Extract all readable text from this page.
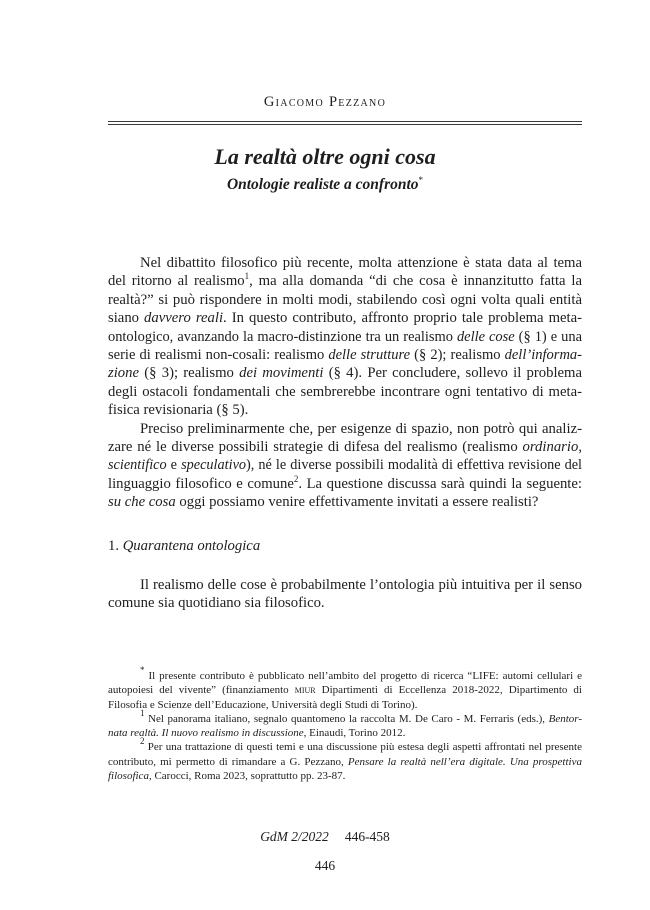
Giacomo Pezzano
La realtà oltre ogni cosa
Ontologie realiste a confronto*
Nel dibattito filosofico più recente, molta attenzione è stata data al tema
del ritorno al realismo$^1$, ma alla domanda “di che cosa è innanzitutto fatta la
realtà?” si può rispondere in molti modi, stabilendo così ogni volta quali entità
siano davvero reali. In questo contributo, affronto proprio tale problema meta-
ontologico, avanzando la macro-distinzione tra un realismo delle cose (§ 1) e una
serie di realismi non-cosali: realismo delle strutture (§ 2); realismo dell’informa-
zione (§ 3); realismo dei movimenti (§ 4). Per concludere, sollevo il problema
degli ostacoli fondamentali che sembrerebbe incontrare ogni tentativo di meta-
fisica revisionaria (§ 5).
Preciso preliminarmente che, per esigenze di spazio, non potrò qui analiz-
zare né le diverse possibili strategie di difesa del realismo (realismo ordinario,
scientifico e speculativo), né le diverse possibili modalità di effettiva revisione del
linguaggio filosofico e comune$^2$. La questione discussa sarà quindi la seguente:
su che cosa oggi possiamo venire effettivamente invitati a essere realisti?
1. Quarantena ontologica
Il realismo delle cose è probabilmente l’ontologia più intuitiva per il senso
comune sia quotidiano sia filosofico.
* Il presente contributo è pubblicato nell’ambito del progetto di ricerca “LIFE: automi cellulari e
autopoiesi del vivente” (finanziamento miur Dipartimenti di Eccellenza 2018-2022, Dipartimento di
Filosofia e Scienze dell’Educazione, Università degli Studi di Torino).
$^1$ Nel panorama italiano, segnalo quantomeno la raccolta M. De Caro - M. Ferraris (eds.), Bentor-
nata realtà. Il nuovo realismo in discussione, Einaudi, Torino 2012.
$^2$ Per una trattazione di questi temi e una discussione più estesa degli aspetti affrontati nel presente
contributo, mi permetto di rimandare a G. Pezzano, Pensare la realtà nell’era digitale. Una prospettiva
filosofica, Carocci, Roma 2023, soprattutto pp. 23-87.
GdM 2/2022 446-458
446
